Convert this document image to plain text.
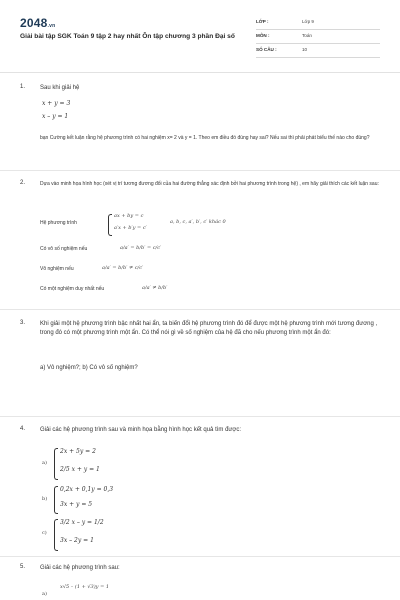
2048.vn
Giải bài tập SGK Toán 9 tập 2 hay nhất Ôn tập chương 3 phần Đại số
LỚP :	Lớp 9
MÔN :	Toán
SỐ CÂU :	10
1. Sau khi giải hệ
x + y = 3
x – y = 1
bạn Cường kết luận rằng hệ phương trình có hai nghiệm x= 2 và y = 1. Theo em điều đó đúng hay sai? Nếu sai thì phải phát biểu thế nào cho đúng?
2.	Dựa vào minh họa hình học (xét vị trí tương đương đối của hai đường thẳng xác định bởi hai phương trình trong hệ) , em hãy giải thích các kết luận sau:
Hệ phương trình
ax + by = c
a′x + b′y = c′
a, b, c, a′, b′, c′ khác 0
Có vô số nghiệm nếu	a/a′ = b/b′ = c/c′
Vô nghiệm nếu	a/a′ = b/b′ ≠ c/c′
Có một nghiệm duy nhất nếu	a/a′ ≠ b/b′
3. Khi giải một hệ phương trình bậc nhất hai ẩn, ta biến đổi hệ phương trình đó để được một hệ phương trình mới tương đương , trong đó có một phương trình một ẩn. Có thể nói gì về số nghiệm của hệ đã cho nếu phương trình một ẩn đó:
a) Vô nghiệm?; b) Có vô số nghiệm?
4. Giải các hệ phương trình sau và minh họa bằng hình học kết quả tìm được:
a)
2x + 5y = 2
2/5 x + y = 1
b)
0,2x + 0,1y = 0,3
3x + y = 5
c)
3/2 x – y = 1/2
3x – 2y = 1
5. Giải các hệ phương trình sau:
a)
x√5 – (1 + √3)y = 1
